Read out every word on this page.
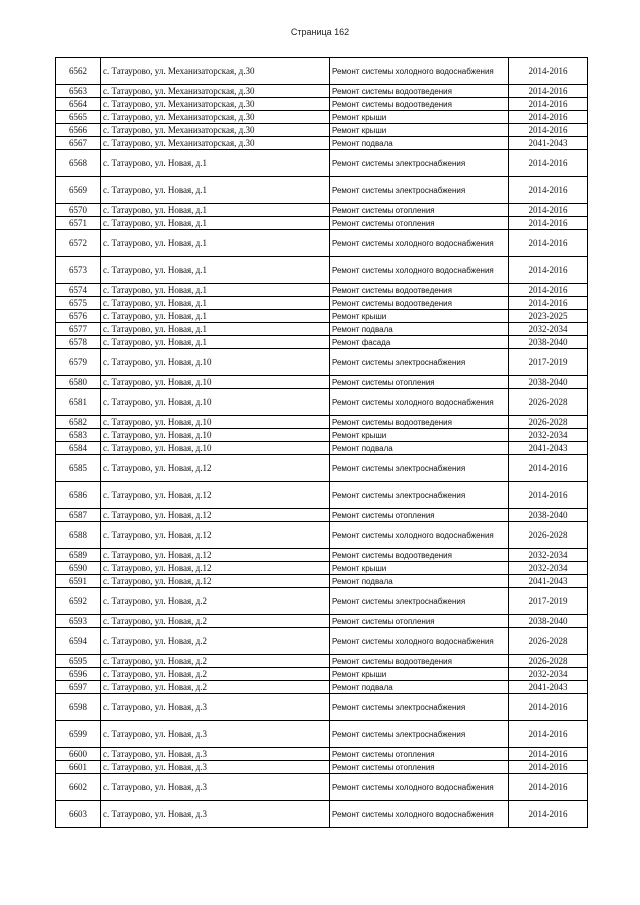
Страница 162
6562	с. Татаурово, ул. Механизаторская, д.30	Ремонт системы холодного водоснабжения	2014-2016
6563	с. Татаурово, ул. Механизаторская, д.30	Ремонт системы водоотведения	2014-2016
6564	с. Татаурово, ул. Механизаторская, д.30	Ремонт системы водоотведения	2014-2016
6565	с. Татаурово, ул. Механизаторская, д.30	Ремонт крыши	2014-2016
6566	с. Татаурово, ул. Механизаторская, д.30	Ремонт крыши	2014-2016
6567	с. Татаурово, ул. Механизаторская, д.30	Ремонт подвала	2041-2043
6568	с. Татаурово, ул. Новая, д.1	Ремонт системы электроснабжения	2014-2016
6569	с. Татаурово, ул. Новая, д.1	Ремонт системы электроснабжения	2014-2016
6570	с. Татаурово, ул. Новая, д.1	Ремонт системы отопления	2014-2016
6571	с. Татаурово, ул. Новая, д.1	Ремонт системы отопления	2014-2016
6572	с. Татаурово, ул. Новая, д.1	Ремонт системы холодного водоснабжения	2014-2016
6573	с. Татаурово, ул. Новая, д.1	Ремонт системы холодного водоснабжения	2014-2016
6574	с. Татаурово, ул. Новая, д.1	Ремонт системы водоотведения	2014-2016
6575	с. Татаурово, ул. Новая, д.1	Ремонт системы водоотведения	2014-2016
6576	с. Татаурово, ул. Новая, д.1	Ремонт крыши	2023-2025
6577	с. Татаурово, ул. Новая, д.1	Ремонт подвала	2032-2034
6578	с. Татаурово, ул. Новая, д.1	Ремонт фасада	2038-2040
6579	с. Татаурово, ул. Новая, д.10	Ремонт системы электроснабжения	2017-2019
6580	с. Татаурово, ул. Новая, д.10	Ремонт системы отопления	2038-2040
6581	с. Татаурово, ул. Новая, д.10	Ремонт системы холодного водоснабжения	2026-2028
6582	с. Татаурово, ул. Новая, д.10	Ремонт системы водоотведения	2026-2028
6583	с. Татаурово, ул. Новая, д.10	Ремонт крыши	2032-2034
6584	с. Татаурово, ул. Новая, д.10	Ремонт подвала	2041-2043
6585	с. Татаурово, ул. Новая, д.12	Ремонт системы электроснабжения	2014-2016
6586	с. Татаурово, ул. Новая, д.12	Ремонт системы электроснабжения	2014-2016
6587	с. Татаурово, ул. Новая, д.12	Ремонт системы отопления	2038-2040
6588	с. Татаурово, ул. Новая, д.12	Ремонт системы холодного водоснабжения	2026-2028
6589	с. Татаурово, ул. Новая, д.12	Ремонт системы водоотведения	2032-2034
6590	с. Татаурово, ул. Новая, д.12	Ремонт крыши	2032-2034
6591	с. Татаурово, ул. Новая, д.12	Ремонт подвала	2041-2043
6592	с. Татаурово, ул. Новая, д.2	Ремонт системы электроснабжения	2017-2019
6593	с. Татаурово, ул. Новая, д.2	Ремонт системы отопления	2038-2040
6594	с. Татаурово, ул. Новая, д.2	Ремонт системы холодного водоснабжения	2026-2028
6595	с. Татаурово, ул. Новая, д.2	Ремонт системы водоотведения	2026-2028
6596	с. Татаурово, ул. Новая, д.2	Ремонт крыши	2032-2034
6597	с. Татаурово, ул. Новая, д.2	Ремонт подвала	2041-2043
6598	с. Татаурово, ул. Новая, д.3	Ремонт системы электроснабжения	2014-2016
6599	с. Татаурово, ул. Новая, д.3	Ремонт системы электроснабжения	2014-2016
6600	с. Татаурово, ул. Новая, д.3	Ремонт системы отопления	2014-2016
6601	с. Татаурово, ул. Новая, д.3	Ремонт системы отопления	2014-2016
6602	с. Татаурово, ул. Новая, д.3	Ремонт системы холодного водоснабжения	2014-2016
6603	с. Татаурово, ул. Новая, д.3	Ремонт системы холодного водоснабжения	2014-2016
